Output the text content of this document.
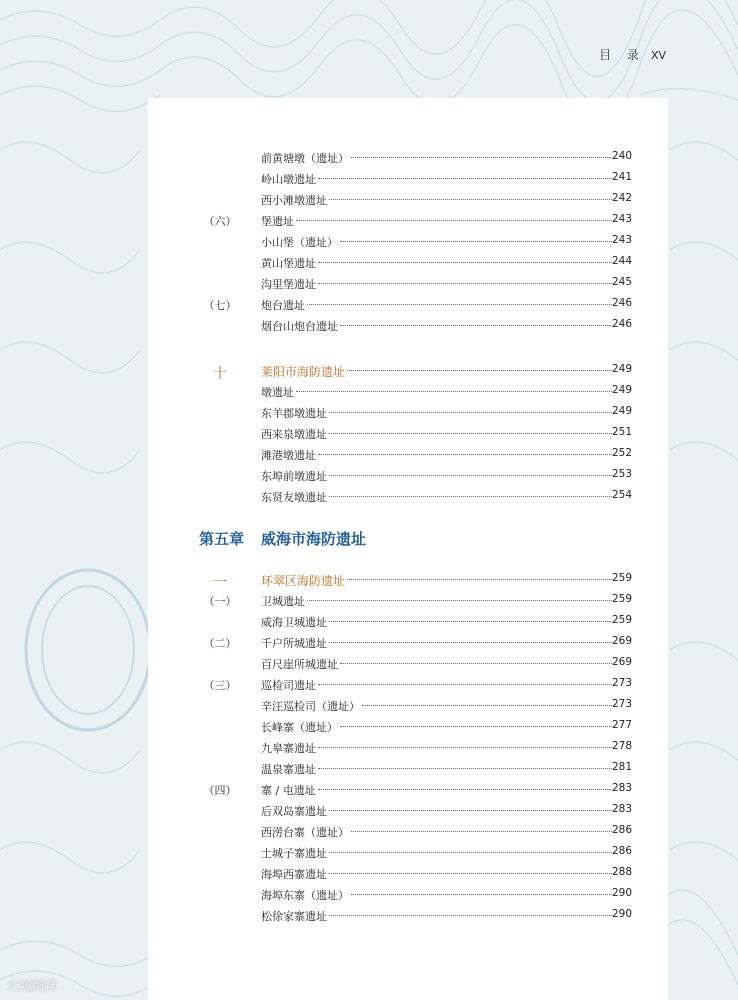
目 录 XV
前黄塘墩（遗址）	240
岭山墩遗址	241
西小滩墩遗址	242
（六）	堡遗址	243
小山堡（遗址）	243
黄山堡遗址	244
沟里堡遗址	245
（七）	炮台遗址	246
烟台山炮台遗址	246
十	莱阳市海防遗址	249
墩遗址	249
东羊郡墩遗址	249
西来泉墩遗址	251
滩港墩遗址	252
东埠前墩遗址	253
东贤友墩遗址	254
一	环翠区海防遗址	259
（一）	卫城遗址	259
威海卫城遗址	259
（二）	千户所城遗址	269
百尺崖所城遗址	269
（三）	巡检司遗址	273
辛汪巡检司（遗址）	273
长峰寨（遗址）	277
九皋寨遗址	278
温泉寨遗址	281
（四）	寨 / 屯遗址	283
后双岛寨遗址	283
西涝台寨（遗址）	286
土城子寨遗址	286
海埠西寨遗址	288
海埠东寨（遗址）	290
松徐家寨遗址	290
第五章 威海市海防遗址
大观海洋
